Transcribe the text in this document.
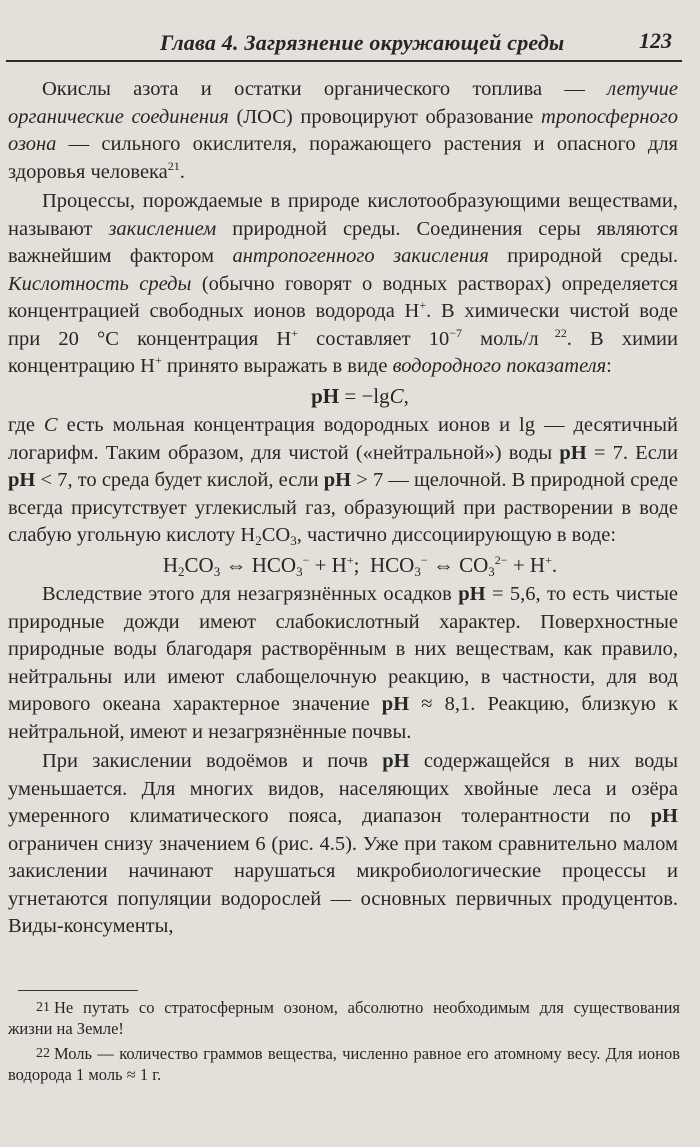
Глава 4. Загрязнение окружающей среды	123

Окислы азота и остатки органического топлива — летучие органические соединения (ЛОС) провоцируют образование тропосферного озона — сильного окислителя, поражающего растения и опасного для здоровья человека$^{21}$.

Процессы, порождаемые в природе кислотообразующими веществами, называют закислением природной среды. Соединения серы являются важнейшим фактором антропогенного закисления природной среды. Кислотность среды (обычно говорят о водных растворах) определяется концентрацией свободных ионов водорода Н+. В химически чистой воде при 20 °С концентрация Н+ составляет $10^{-7}$ моль/л $^{22}$. В химии концентрацию Н+ принято выражать в виде водородного показателя:

pH = −lgC,

где С есть мольная концентрация водородных ионов и lg — десятичный логарифм. Таким образом, для чистой («нейтральной») воды pH = 7. Если pH < 7, то среда будет кислой, если pH > 7 — щелочной. В природной среде всегда присутствует углекислый газ, образующий при растворении в воде слабую угольную кислоту $Н_2СО_3$, частично диссоциирующую в воде:

$H_2CO_3$ ⇔ $HCO_3^- + H^+$;  $HCO_3^-$ ⇔ $CO_3^{2-} + H^+$.

Вследствие этого для незагрязнённых осадков pH = 5,6, то есть чистые природные дожди имеют слабокислотный характер. Поверхностные природные воды благодаря растворённым в них веществам, как правило, нейтральны или имеют слабощелочную реакцию, в частности, для вод мирового океана характерное значение pH ≈ 8,1. Реакцию, близкую к нейтральной, имеют и незагрязнённые почвы.

При закислении водоёмов и почв pH содержащейся в них воды уменьшается. Для многих видов, населяющих хвойные леса и озёра умеренного климатического пояса, диапазон толерантности по pH ограничен снизу значением 6 (рис. 4.5). Уже при таком сравнительно малом закислении начинают нарушаться микробиологические процессы и угнетаются популяции водорослей — основных первичных продуцентов. Виды-консументы,

21 Не путать со стратосферным озоном, абсолютно необходимым для существования жизни на Земле!

22 Моль — количество граммов вещества, численно равное его атомному весу. Для ионов водорода 1 моль ≈ 1 г.
